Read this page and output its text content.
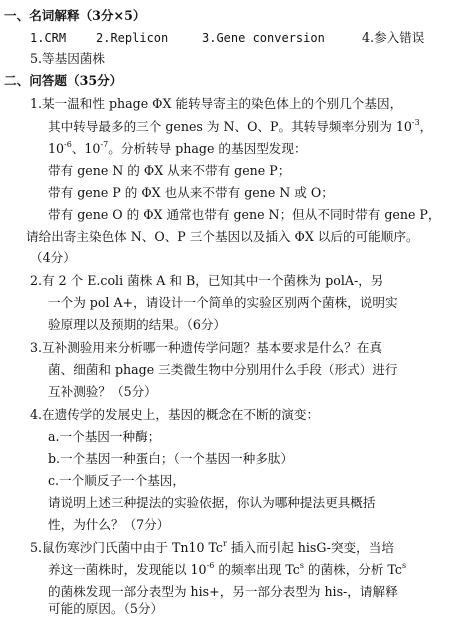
一、名词解释（3分×5）
1.CRM 2.Replicon	3.Gene conversion	4.参入错误
5.等基因菌株
二、问答题（35分）
1.某一温和性 phage ΦX 能转导寄主的染色体上的个别几个基因，
其中转导最多的三个 genes 为 N、O、P。其转导频率分别为 $10^{-3}$，
$10^{-6}$、$10^{-7}$。分析转导 phage 的基因型发现：
带有 gene N 的 ΦX 从来不带有 gene P；
带有 gene P 的 ΦX 也从来不带有 gene N 或 O；
带有 gene O 的 ΦX 通常也带有 gene N；但从不同时带有 gene P，
请给出寄主染色体 N、O、P 三个基因以及插入 ΦX 以后的可能顺序。
（4分）
2.有 2 个 E.coli 菌株 A 和 B，已知其中一个菌株为 polA-，另
一个为 pol A+，请设计一个简单的实验区别两个菌株，说明实
验原理以及预期的结果。（6分）
3.互补测验用来分析哪一种遗传学问题？基本要求是什么？在真
菌、细菌和 phage 三类微生物中分别用什么手段（形式）进行
互补测验？（5分）
4.在遗传学的发展史上，基因的概念在不断的演变：
a.一个基因一种酶；
b.一个基因一种蛋白；（一个基因一种多肽）
c.一个顺反子一个基因，
请说明上述三种提法的实验依据，你认为哪种提法更具概括
性，为什么？（7分）
5.鼠伤寒沙门氏菌中由于 Tn10 Tc$^r$ 插入而引起 hisG-突变，当培
养这一菌株时，发现能以 $10^{-6}$ 的频率出现 Tc$^s$ 的菌株，分析 Tc$^s$
的菌株发现一部分表型为 his+，另一部分表型为 his-，请解释
可能的原因。（5分）
